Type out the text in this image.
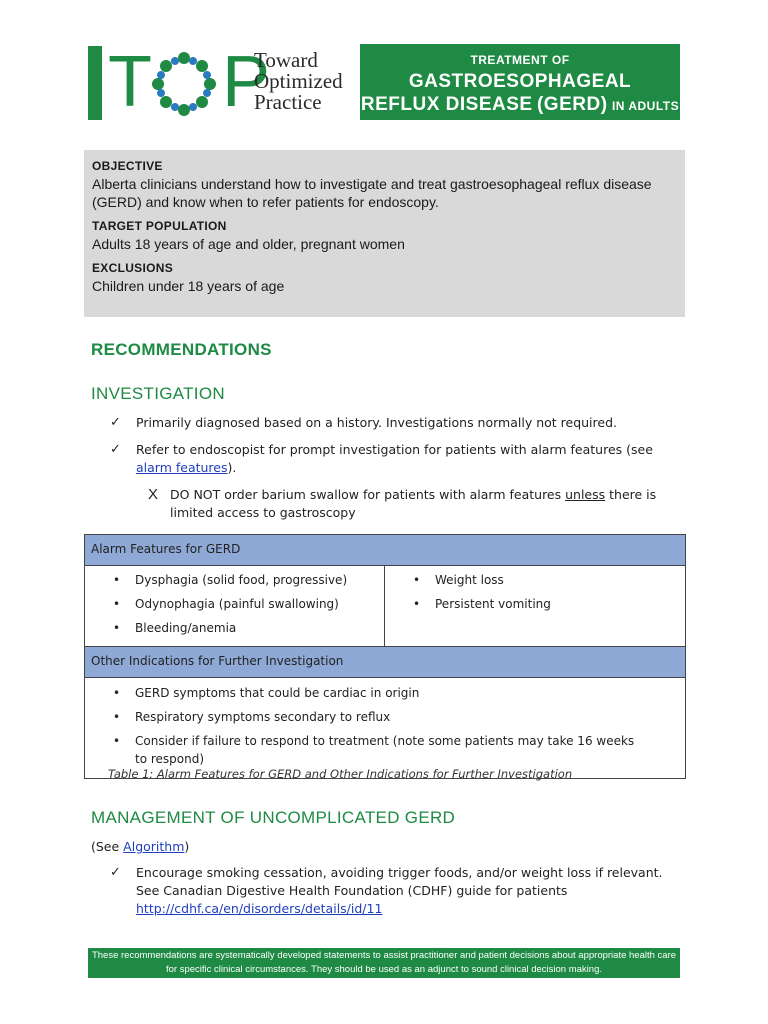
T P
Toward
Optimized
Practice
TREATMENT OF GASTROESOPHAGEAL
REFLUX DISEASE (GERD) IN ADULTS
Clinical Practice Guideline  |  January 2009
OBJECTIVE
Alberta clinicians understand how to investigate and treat gastroesophageal reflux disease (GERD) and know when to refer patients for endoscopy.
TARGET POPULATION
Adults 18 years of age and older, pregnant women
EXCLUSIONS
Children under 18 years of age
RECOMMENDATIONS
INVESTIGATION
✓ Primarily diagnosed based on a history. Investigations normally not required.
✓ Refer to endoscopist for prompt investigation for patients with alarm features (see alarm features).
X DO NOT order barium swallow for patients with alarm features unless there is limited access to gastroscopy
Alarm Features for GERD
• Dysphagia (solid food, progressive)
• Odynophagia (painful swallowing)
• Bleeding/anemia
• Weight loss
• Persistent vomiting
Other Indications for Further Investigation
• GERD symptoms that could be cardiac in origin
• Respiratory symptoms secondary to reflux
• Consider if failure to respond to treatment (note some patients may take 16 weeks to respond)
Table 1: Alarm Features for GERD and Other Indications for Further Investigation
MANAGEMENT OF UNCOMPLICATED GERD
(See Algorithm)
✓ Encourage smoking cessation, avoiding trigger foods, and/or weight loss if relevant. See Canadian Digestive Health Foundation (CDHF) guide for patients
http://cdhf.ca/en/disorders/details/id/11
These recommendations are systematically developed statements to assist practitioner and patient decisions about appropriate health care for specific clinical circumstances. They should be used as an adjunct to sound clinical decision making.
